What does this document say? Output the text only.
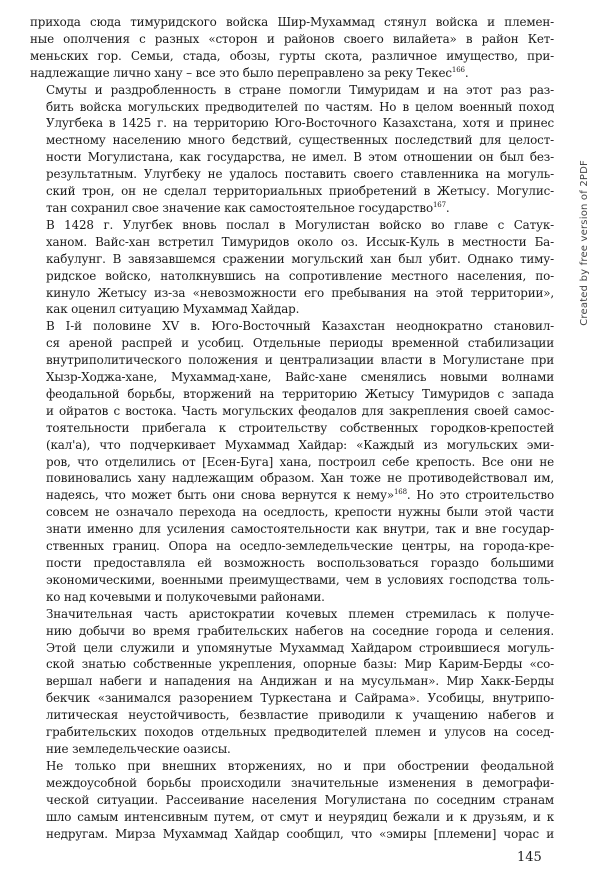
прихода сюда тимуридского войска Шир-Мухаммад стянул войска и племен-
ные ополчения с разных «сторон и районов своего вилайета» в район Кет-
меньских гор. Семьи, стада, обозы, гурты скота, различное имущество, при-
надлежащие лично хану – все это было переправлено за реку Текес$^{166}$.

Смуты и раздробленность в стране помогли Тимуридам и на этот раз раз-
бить войска могульских предводителей по частям. Но в целом военный поход
Улугбека в 1425 г. на территорию Юго-Восточного Казахстана, хотя и принес
местному населению много бедствий, существенных последствий для целост-
ности Могулистана, как государства, не имел. В этом отношении он был без-
результатным. Улугбеку не удалось поставить своего ставленника на могуль-
ский трон, он не сделал территориальных приобретений в Жетысу. Могулис-
тан сохранил свое значение как самостоятельное государство$^{167}$.

В 1428 г. Улугбек вновь послал в Могулистан войско во главе с Сатук-
ханом. Вайс-хан встретил Тимуридов около оз. Иссык-Куль в местности Ба-
кабулунг. В завязавшемся сражении могульский хан был убит. Однако тиму-
ридское войско, натолкнувшись на сопротивление местного населения, по-
кинуло Жетысу из-за «невозможности его пребывания на этой территории»,
как оценил ситуацию Мухаммад Хайдар.

В I-й половине XV в. Юго-Восточный Казахстан неоднократно становил-
ся ареной распрей и усобиц. Отдельные периоды временной стабилизации
внутриполитического положения и централизации власти в Могулистане при
Хызр-Ходжа-хане, Мухаммад-хане, Вайс-хане сменялись новыми волнами
феодальной борьбы, вторжений на территорию Жетысу Тимуридов с запада
и ойратов с востока. Часть могульских феодалов для закрепления своей самос-
тоятельности прибегала к строительству собственных городков-крепостей
(кал'а), что подчеркивает Мухаммад Хайдар: «Каждый из могульских эми-
ров, что отделились от [Есен-Буга] хана, построил себе крепость. Все они не
повиновались хану надлежащим образом. Хан тоже не противодействовал им,
надеясь, что может быть они снова вернутся к нему»$^{168}$. Но это строительство
совсем не означало перехода на оседлость, крепости нужны были этой части
знати именно для усиления самостоятельности как внутри, так и вне государ-
ственных границ. Опора на оседло-земледельческие центры, на города-кре-
пости предоставляла ей возможность воспользоваться гораздо большими
экономическими, военными преимуществами, чем в условиях господства толь-
ко над кочевыми и полукочевыми районами.

Значительная часть аристократии кочевых племен стремилась к получе-
нию добычи во время грабительских набегов на соседние города и селения.
Этой цели служили и упомянутые Мухаммад Хайдаром строившиеся могуль-
ской знатью собственные укрепления, опорные базы: Мир Карим-Берды «со-
вершал набеги и нападения на Андижан и на мусульман». Мир Хакк-Берды
бекчик «занимался разорением Туркестана и Сайрама». Усобицы, внутрипо-
литическая неустойчивость, безвластие приводили к учащению набегов и
грабительских походов отдельных предводителей племен и улусов на сосед-
ние земледельческие оазисы.

Не только при внешних вторжениях, но и при обострении феодальной
междоусобной борьбы происходили значительные изменения в демографи-
ческой ситуации. Рассеивание населения Могулистана по соседним странам
шло самым интенсивным путем, от смут и неурядиц бежали и к друзьям, и к
недругам. Мирза Мухаммад Хайдар сообщил, что «эмиры [племени] чорас и

Created by free version of 2PDF
145
